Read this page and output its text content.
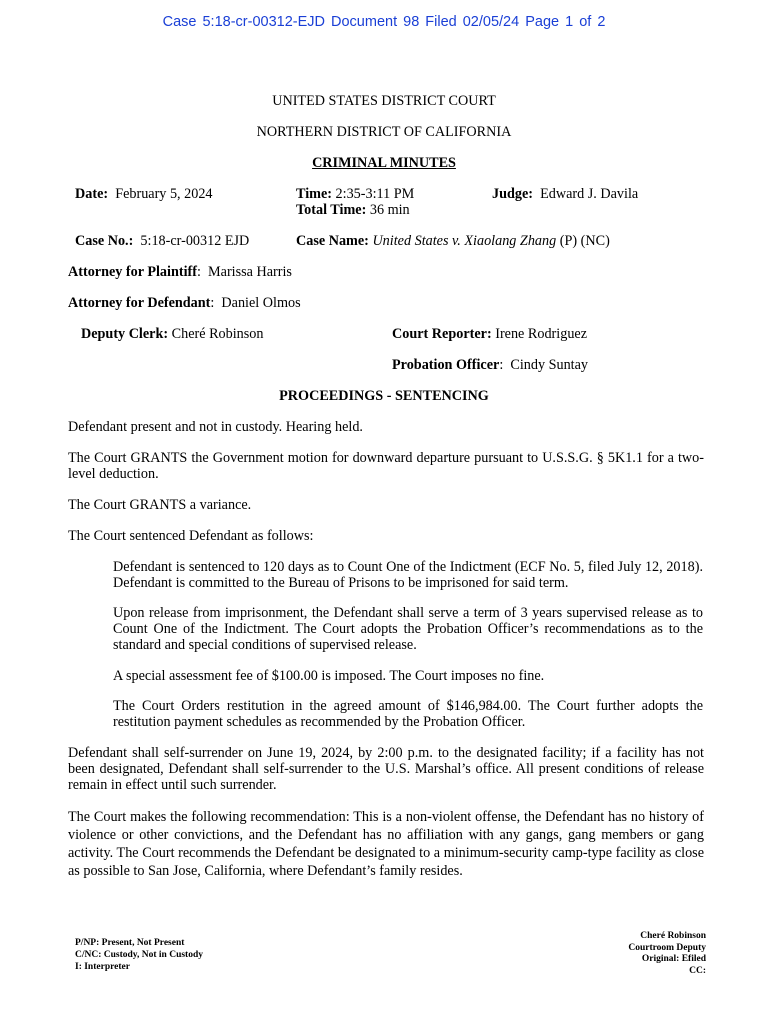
Case 5:18-cr-00312-EJD Document 98 Filed 02/05/24 Page 1 of 2
UNITED STATES DISTRICT COURT
NORTHERN DISTRICT OF CALIFORNIA
CRIMINAL MINUTES
Date: February 5, 2024	Time: 2:35-3:11 PM
Total Time: 36 min
Judge: Edward J. Davila
Case No.: 5:18-cr-00312 EJD	Case Name: United States v. Xiaolang Zhang (P) (NC)
Attorney for Plaintiff:  Marissa Harris
Attorney for Defendant:  Daniel Olmos
Deputy Clerk: Cheré Robinson	Court Reporter: Irene Rodriguez
Probation Officer:  Cindy Suntay
PROCEEDINGS - SENTENCING
Defendant present and not in custody. Hearing held.
The Court GRANTS the Government motion for downward departure pursuant to U.S.S.G. § 5K1.1 for a two-level deduction.
The Court GRANTS a variance.
The Court sentenced Defendant as follows:
Defendant is sentenced to 120 days as to Count One of the Indictment (ECF No. 5, filed July 12, 2018). Defendant is committed to the Bureau of Prisons to be imprisoned for said term.
Upon release from imprisonment, the Defendant shall serve a term of 3 years supervised release as to Count One of the Indictment. The Court adopts the Probation Officer’s recommendations as to the standard and special conditions of supervised release.
A special assessment fee of $100.00 is imposed. The Court imposes no fine.
The Court Orders restitution in the agreed amount of $146,984.00. The Court further adopts the restitution payment schedules as recommended by the Probation Officer.
Defendant shall self-surrender on June 19, 2024, by 2:00 p.m. to the designated facility; if a facility has not been designated, Defendant shall self-surrender to the U.S. Marshal’s office. All present conditions of release remain in effect until such surrender.
The Court makes the following recommendation: This is a non-violent offense, the Defendant has no history of violence or other convictions, and the Defendant has no affiliation with any gangs, gang members or gang activity. The Court recommends the Defendant be designated to a minimum-security camp-type facility as close as possible to San Jose, California, where Defendant’s family resides.
P/NP: Present, Not Present
C/NC: Custody, Not in Custody
I: Interpreter
Cheré Robinson
Courtroom Deputy
Original: Efiled
CC:
